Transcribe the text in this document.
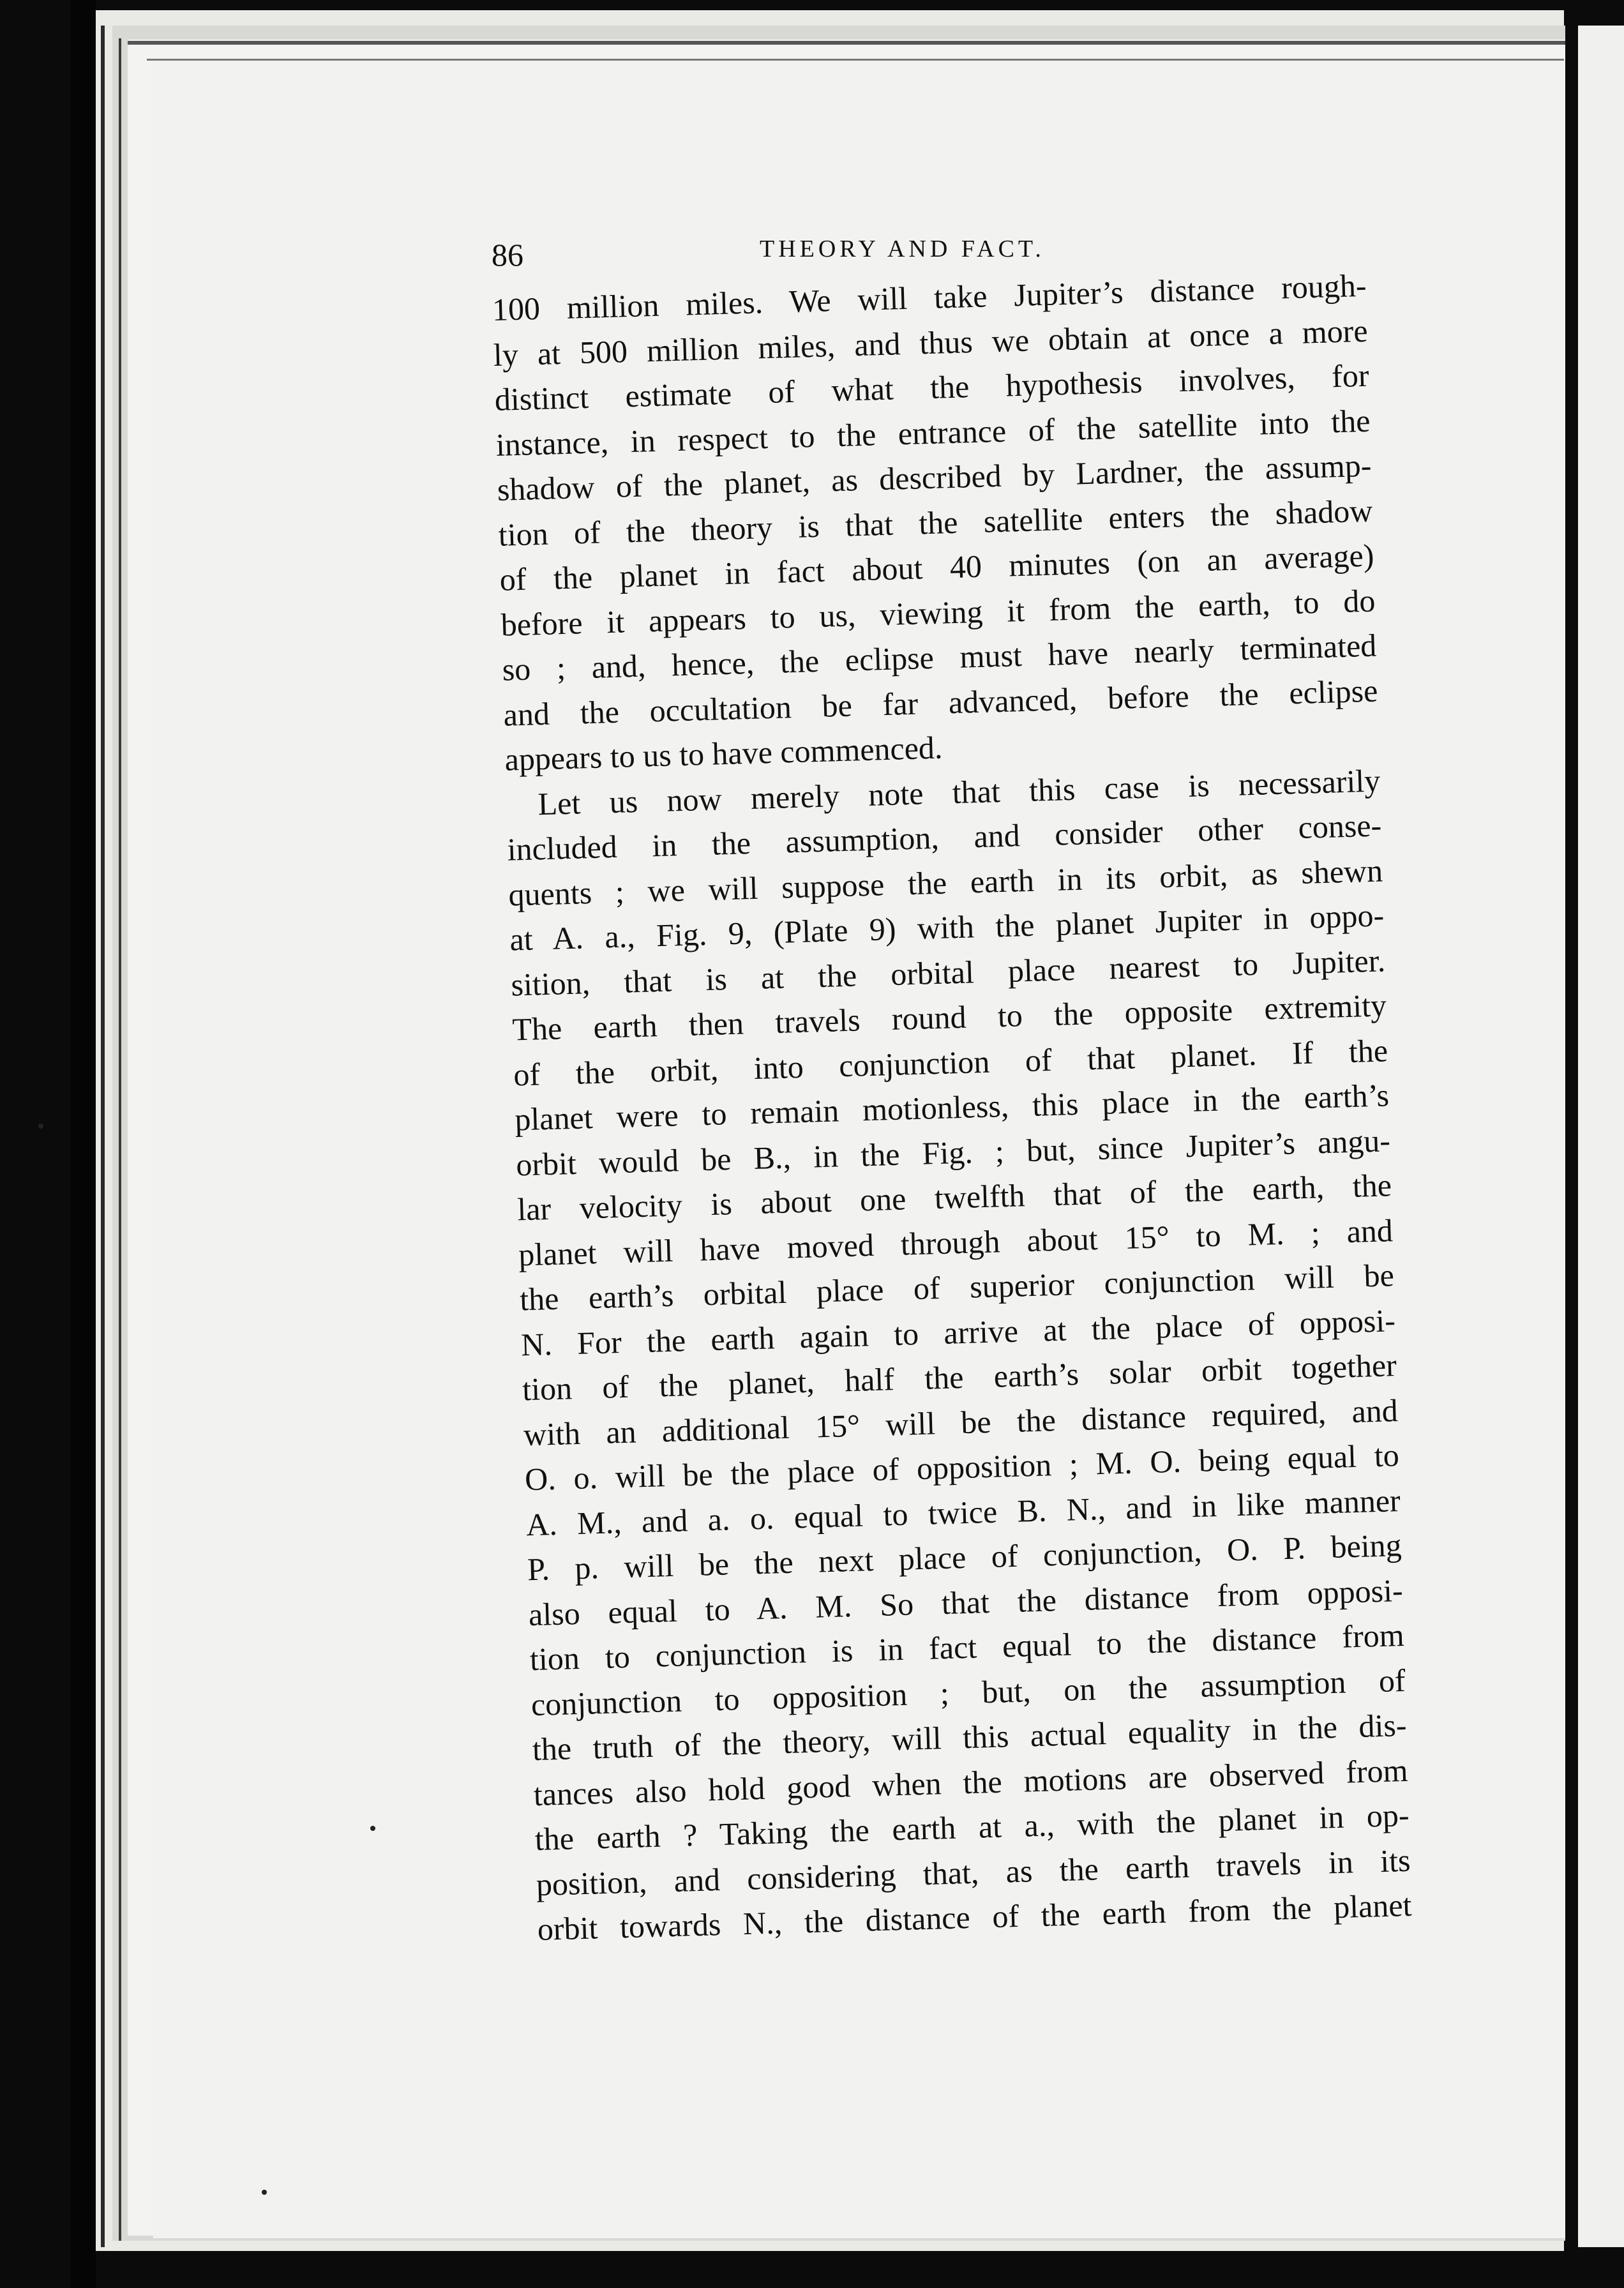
86	THEORY AND FACT.
100 million miles. We will take Jupiter’s distance rough-
ly at 500 million miles, and thus we obtain at once a more
distinct estimate of what the hypothesis involves, for
instance, in respect to the entrance of the satellite into the
shadow of the planet, as described by Lardner, the assump-
tion of the theory is that the satellite enters the shadow
of the planet in fact about 40 minutes (on an average)
before it appears to us, viewing it from the earth, to do
so ; and, hence, the eclipse must have nearly terminated
and the occultation be far advanced, before the eclipse
appears to us to have commenced.
Let us now merely note that this case is necessarily
included in the assumption, and consider other conse-
quents ; we will suppose the earth in its orbit, as shewn
at A. a., Fig. 9, (Plate 9) with the planet Jupiter in oppo-
sition, that is at the orbital place nearest to Jupiter.
The earth then travels round to the opposite extremity
of the orbit, into conjunction of that planet. If the
planet were to remain motionless, this place in the earth’s
orbit would be B., in the Fig. ; but, since Jupiter’s angu-
lar velocity is about one twelfth that of the earth, the
planet will have moved through about 15° to M. ; and
the earth’s orbital place of superior conjunction will be
N. For the earth again to arrive at the place of opposi-
tion of the planet, half the earth’s solar orbit together
with an additional 15° will be the distance required, and
O. o. will be the place of opposition ; M. O. being equal to
A. M., and a. o. equal to twice B. N., and in like manner
P. p. will be the next place of conjunction, O. P. being
also equal to A. M. So that the distance from opposi-
tion to conjunction is in fact equal to the distance from
conjunction to opposition ; but, on the assumption of
the truth of the theory, will this actual equality in the dis-
tances also hold good when the motions are observed from
the earth ? Taking the earth at a., with the planet in op-
position, and considering that, as the earth travels in its
orbit towards N., the distance of the earth from the planet
